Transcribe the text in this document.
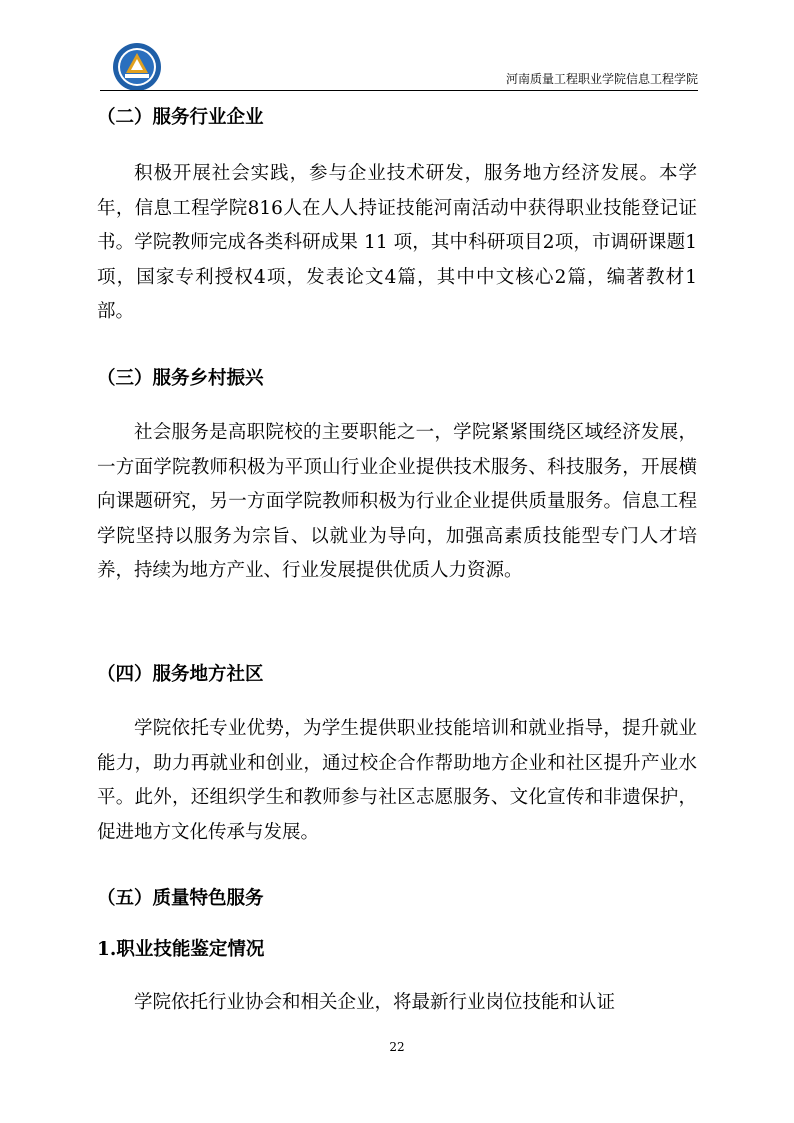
河南质量工程职业学院信息工程学院
（二）服务行业企业

积极开展社会实践，参与企业技术研发，服务地方经济发展。本学年，信息工程学院816人在人人持证技能河南活动中获得职业技能登记证书。学院教师完成各类科研成果 11 项，其中科研项目2项，市调研课题1项，国家专利授权4项，发表论文4篇，其中中文核心2篇，编著教材1部。

（三）服务乡村振兴

社会服务是高职院校的主要职能之一，学院紧紧围绕区域经济发展，一方面学院教师积极为平顶山行业企业提供技术服务、科技服务，开展横向课题研究，另一方面学院教师积极为行业企业提供质量服务。信息工程学院坚持以服务为宗旨、以就业为导向，加强高素质技能型专门人才培养，持续为地方产业、行业发展提供优质人力资源。

（四）服务地方社区

学院依托专业优势，为学生提供职业技能培训和就业指导，提升就业能力，助力再就业和创业，通过校企合作帮助地方企业和社区提升产业水平。此外，还组织学生和教师参与社区志愿服务、文化宣传和非遗保护，促进地方文化传承与发展。

（五）质量特色服务
1.职业技能鉴定情况

学院依托行业协会和相关企业，将最新行业岗位技能和认证

22
